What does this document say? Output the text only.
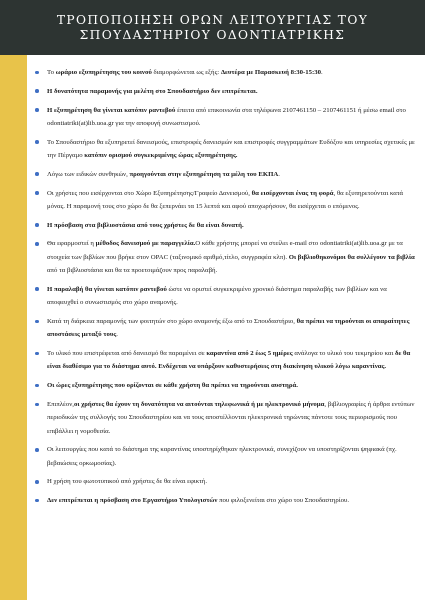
ΤΡΟΠΟΠΟΙΗΣΗ ΟΡΩΝ ΛΕΙΤΟΥΡΓΙΑΣ ΤΟΥ
ΣΠΟΥΔΑΣΤΗΡΙΟΥ ΟΔΟΝΤΙΑΤΡΙΚΗΣ
Το ωράριο εξυπηρέτησης του κοινού διαμορφώνεται ως εξής: Δευτέρα με Παρασκευή 8:30-15:30.
Η δυνατότητα παραμονής για μελέτη στο Σπουδαστήριο δεν επιτρέπεται.
Η εξυπηρέτηση θα γίνεται κατόπιν ραντεβού έπειτα από επικοινωνία στα τηλέφωνα 2107461150 – 2107461151 ή μέσω email στο odontiatriki(at)lib.uoa.gr για την αποφυγή συνωστισμού.
Το Σπουδαστήριο θα εξυπηρετεί δανεισμούς, επιστροφές δανεισμών και επιστροφές συγγραμμάτων Ευδόξου και υπηρεσίες σχετικές με την Πέργαμο κατόπιν ορισμού συγκεκριμένης ώρας εξυπηρέτησης.
Λόγω των ειδικών συνθηκών, προηγούνται στην εξυπηρέτηση τα μέλη του ΕΚΠΑ.
Οι χρήστες που εισέρχονται στο Χώρο Εξυπηρέτησης/Γραφείο Δανεισμού, θα εισέρχονται ένας τη φορά, θα εξυπηρετούνται κατά μόνας. Η παραμονή τους στο χώρο δε θα ξεπερνάει τα 15 λεπτά και αφού αποχωρήσουν, θα εισέρχεται ο επόμενος.
Η πρόσβαση στα βιβλιοστάσια από τους χρήστες δε θα είναι δυνατή.
Θα εφαρμοστεί η μέθοδος δανεισμού με παραγγελία.Ο κάθε χρήστης μπορεί να στείλει e-mail στο odontiatriki(at)lib.uoa.gr με τα στοιχεία των βιβλίων που βρήκε στον OPAC (ταξινομικό αριθμό,τίτλο, συγγραφέα κλπ). Οι βιβλιοθηκονόμοι θα συλλέγουν τα βιβλία από τα βιβλιοστάσια και θα τα προετοιμάζουν προς παραλαβή.
Η παραλαβή θα γίνεται κατόπιν ραντεβού ώστε να οριστεί συγκεκριμένο χρονικό διάστημα παραλαβής των βιβλίων και να αποφευχθεί ο συνωστισμός στο χώρο αναμονής.
Κατά τη διάρκεια παραμονής των φοιτητών στο χώρο αναμονής έξω από το Σπουδαστήριο, θα πρέπει να τηρούνται οι απαραίτητες αποστάσεις μεταξύ τους.
Το υλικό που επιστρέφεται από δανεισμό θα παραμένει σε καραντίνα από 2 έως 5 ημέρες ανάλογα το υλικό του τεκμηρίου και δε θα είναι διαθέσιμο για το διάστημα αυτό. Ενδέχεται να υπάρξουν καθυστερήσεις στη διακίνηση υλικού λόγω καραντίνας.
Οι ώρες εξυπηρέτησης που ορίζονται σε κάθε χρήστη θα πρέπει να τηρούνται αυστηρά.
Επιπλέον,οι χρήστες θα έχουν τη δυνατότητα να αιτούνται τηλεφωνικά ή με ηλεκτρονικό μήνυμα, βιβλιογραφίες ή άρθρα εντύπων περιοδικών της συλλογής του Σπουδαστηρίου και να τους αποστέλλονται ηλεκτρονικά τηρώντας πάντοτε τους περιορισμούς που επιβάλλει η νομοθεσία.
Οι λειτουργίες που κατά το διάστημα της καραντίνας υποστηρίχθηκαν ηλεκτρονικά, συνεχίζουν να υποστηρίζονται ψηφιακά (πχ. βεβαιώσεις ορκωμοσίας).
Η χρήση του φωτοτυπικού από χρήστες δε θα είναι εφικτή.
Δεν επιτρέπεται η πρόσβαση στο Εργαστήριο Υπολογιστών που φιλοξενείται στο χώρο του Σπουδαστηρίου.
